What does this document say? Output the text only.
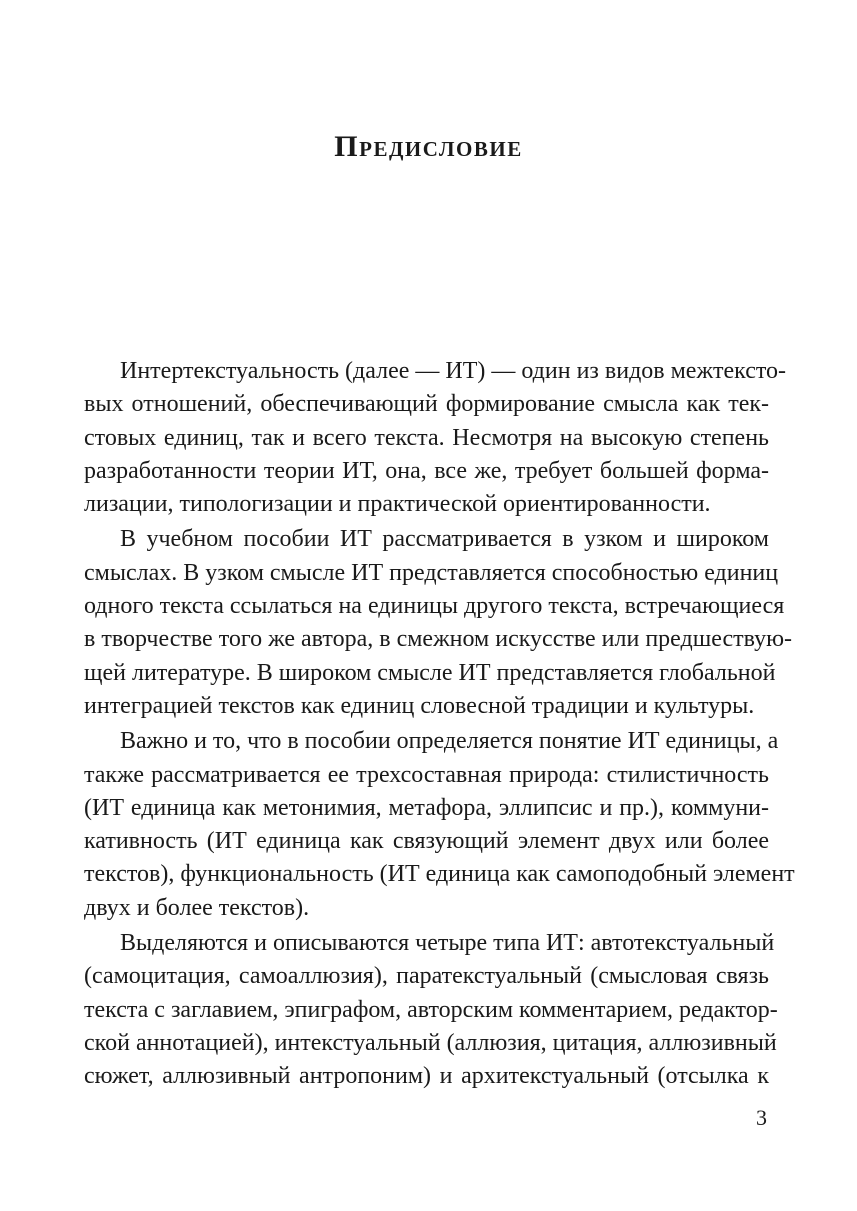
Предисловие
Интертекстуальность (далее — ИТ) — один из видов межтексто-
вых отношений, обеспечивающий формирование смысла как тек-
стовых единиц, так и всего текста. Несмотря на высокую степень
разработанности теории ИТ, она, все же, требует большей форма-
лизации, типологизации и практической ориентированности.
В учебном пособии ИТ рассматривается в узком и широком
смыслах. В узком смысле ИТ представляется способностью единиц
одного текста ссылаться на единицы другого текста, встречающиеся
в творчестве того же автора, в смежном искусстве или предшествую-
щей литературе. В широком смысле ИТ представляется глобальной
интеграцией текстов как единиц словесной традиции и культуры.
Важно и то, что в пособии определяется понятие ИТ единицы, а
также рассматривается ее трехсоставная природа: стилистичность
(ИТ единица как метонимия, метафора, эллипсис и пр.), коммуни-
кативность (ИТ единица как связующий элемент двух или более
текстов), функциональность (ИТ единица как самоподобный элемент
двух и более текстов).
Выделяются и описываются четыре типа ИТ: автотекстуальный
(самоцитация, самоаллюзия), паратекстуальный (смысловая связь
текста с заглавием, эпиграфом, авторским комментарием, редактор-
ской аннотацией), интекстуальный (аллюзия, цитация, аллюзивный
сюжет, аллюзивный антропоним) и архитекстуальный (отсылка к
3
